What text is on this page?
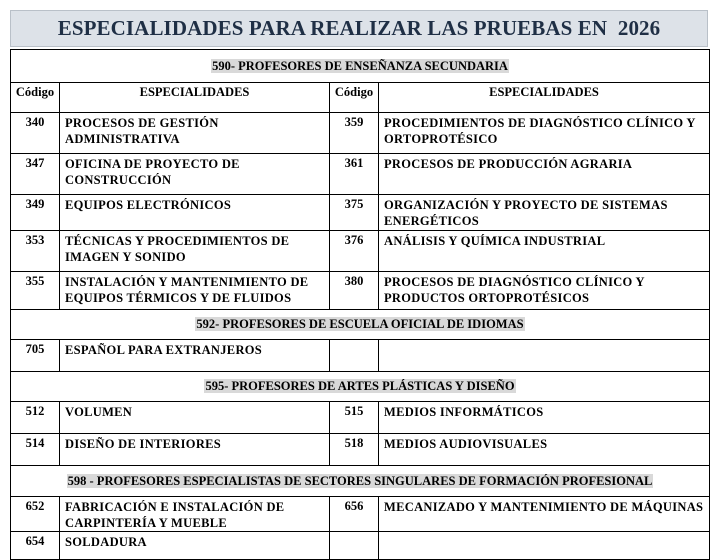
ESPECIALIDADES PARA REALIZAR LAS PRUEBAS EN  2026
590- PROFESORES DE ENSEÑANZA SECUNDARIA			
Código	ESPECIALIDADES	Código	ESPECIALIDADES
340	PROCESOS DE GESTIÓN ADMINISTRATIVA	359	PROCEDIMIENTOS DE DIAGNÓSTICO CLÍNICO Y ORTOPROTÉSICO
347	OFICINA DE PROYECTO DE CONSTRUCCIÓN	361	PROCESOS DE PRODUCCIÓN AGRARIA
349	EQUIPOS ELECTRÓNICOS	375	ORGANIZACIÓN Y PROYECTO DE SISTEMAS ENERGÉTICOS
353	TÉCNICAS Y PROCEDIMIENTOS DE IMAGEN Y SONIDO	376	ANÁLISIS Y QUÍMICA INDUSTRIAL
355	INSTALACIÓN Y MANTENIMIENTO DE EQUIPOS TÉRMICOS Y DE FLUIDOS	380	PROCESOS DE DIAGNÓSTICO CLÍNICO Y PRODUCTOS ORTOPROTÉSICOS
592- PROFESORES DE ESCUELA OFICIAL DE IDIOMAS			
705	ESPAÑOL PARA EXTRANJEROS		
595- PROFESORES DE ARTES PLÁSTICAS Y DISEÑO			
512	VOLUMEN	515	MEDIOS INFORMÁTICOS
514	DISEÑO DE INTERIORES	518	MEDIOS AUDIOVISUALES
598 - PROFESORES ESPECIALISTAS DE SECTORES SINGULARES DE FORMACIÓN PROFESIONAL			
652	FABRICACIÓN E INSTALACIÓN DE CARPINTERÍA Y MUEBLE	656	MECANIZADO Y MANTENIMIENTO DE MÁQUINAS
654	SOLDADURA		
